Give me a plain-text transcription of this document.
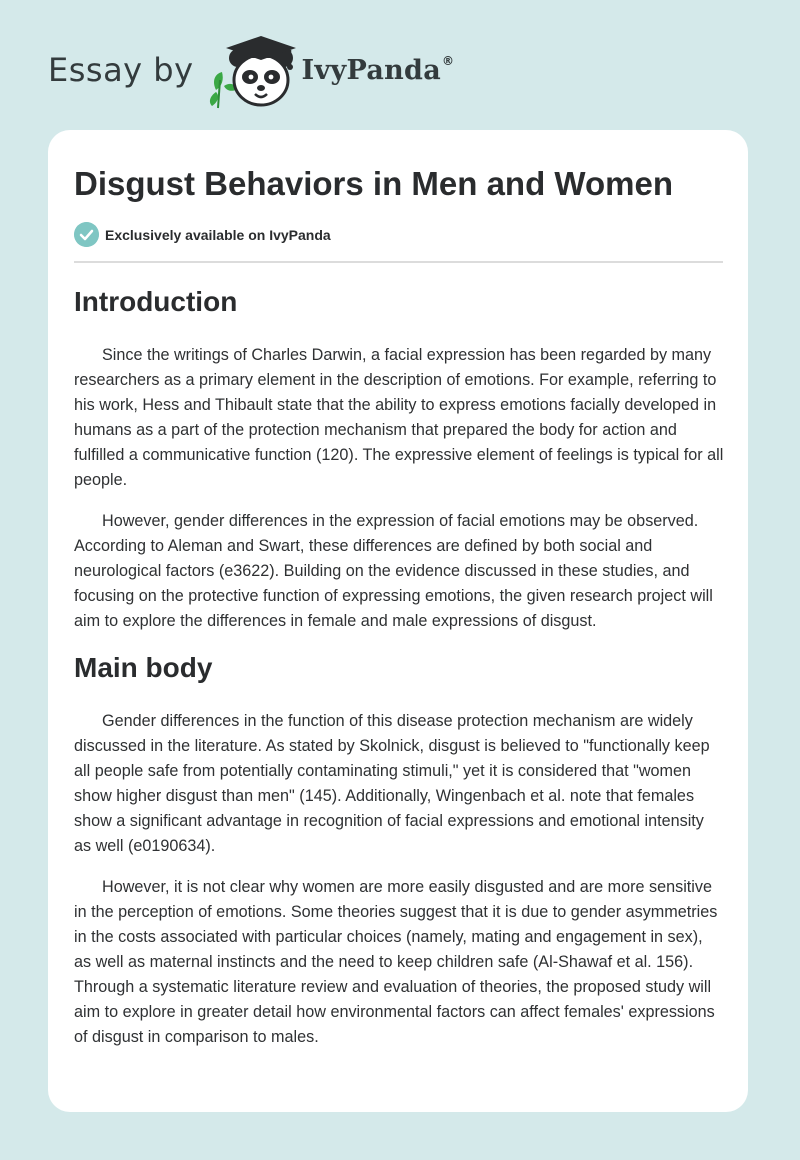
Essay by	IvyPanda®
Disgust Behaviors in Men and Women
Exclusively available on IvyPanda
Introduction

Since the writings of Charles Darwin, a facial expression has been regarded by many researchers as a primary element in the description of emotions. For example, referring to his work, Hess and Thibault state that the ability to express emotions facially developed in humans as a part of the protection mechanism that prepared the body for action and fulfilled a communicative function (120). The expressive element of feelings is typical for all people.

However, gender differences in the expression of facial emotions may be observed. According to Aleman and Swart, these differences are defined by both social and neurological factors (e3622). Building on the evidence discussed in these studies, and focusing on the protective function of expressing emotions, the given research project will aim to explore the differences in female and male expressions of disgust.

Main body

Gender differences in the function of this disease protection mechanism are widely discussed in the literature. As stated by Skolnick, disgust is believed to "functionally keep all people safe from potentially contaminating stimuli," yet it is considered that "women show higher disgust than men" (145). Additionally, Wingenbach et al. note that females show a significant advantage in recognition of facial expressions and emotional intensity as well (e0190634).

However, it is not clear why women are more easily disgusted and are more sensitive in the perception of emotions. Some theories suggest that it is due to gender asymmetries in the costs associated with particular choices (namely, mating and engagement in sex), as well as maternal instincts and the need to keep children safe (Al-Shawaf et al. 156). Through a systematic literature review and evaluation of theories, the proposed study will aim to explore in greater detail how environmental factors can affect females' expressions of disgust in comparison to males.
